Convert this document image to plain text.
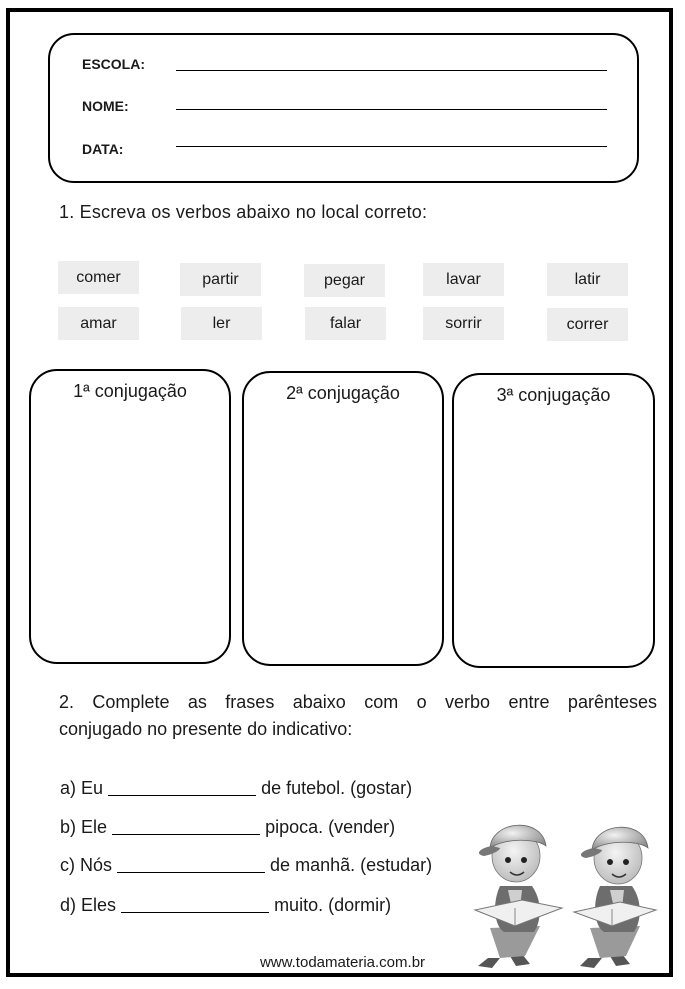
ESCOLA:
NOME:
DATA:
1. Escreva os verbos abaixo no local correto:
comer	partir	pegar	lavar	latir
amar	ler	falar	sorrir	correr
1ª conjugação	2ª conjugação	3ª conjugação
2. Complete as frases abaixo com o verbo entre parênteses
conjugado no presente do indicativo:
a) Eu	de futebol. (gostar)
b) Ele	pipoca. (vender)
c) Nós	de manhã. (estudar)
d) Eles	muito. (dormir)
www.todamateria.com.br
